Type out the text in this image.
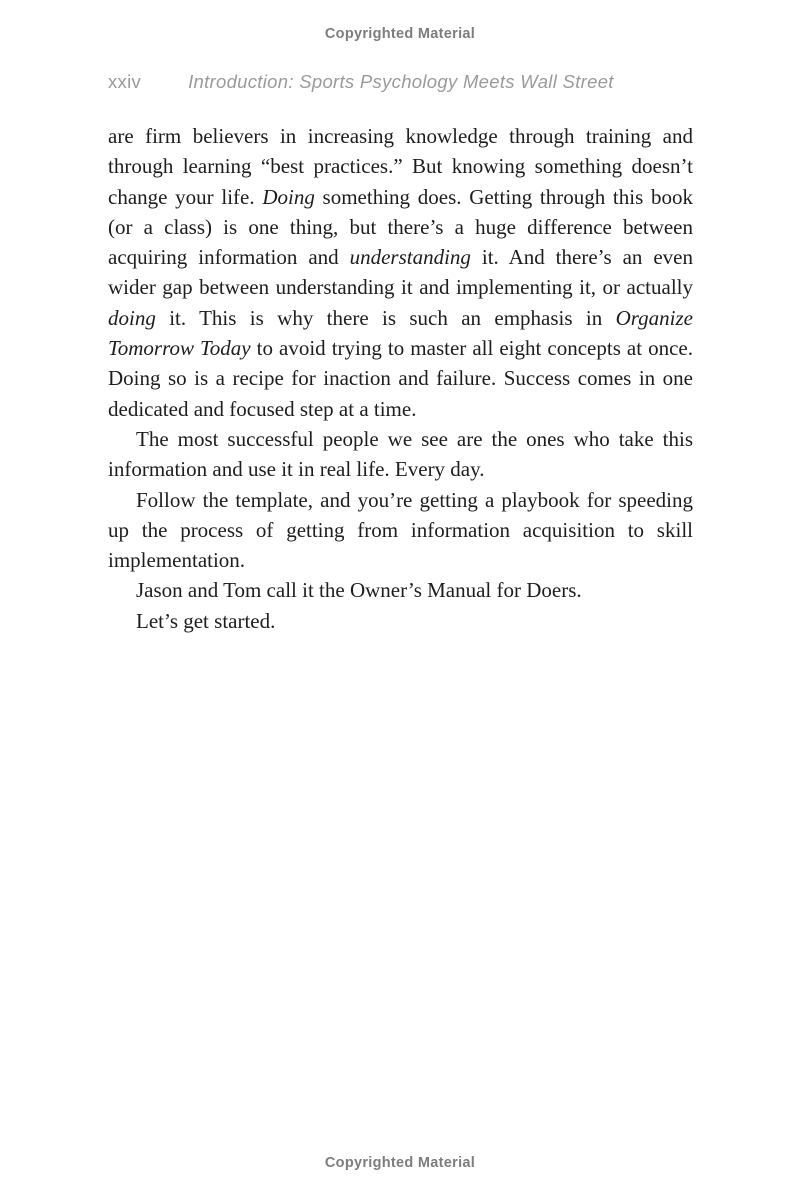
Copyrighted Material
xxiv	Introduction: Sports Psychology Meets Wall Street

are firm believers in increasing knowledge through training and through learning “best practices.” But knowing something doesn’t change your life. Doing something does. Getting through this book (or a class) is one thing, but there’s a huge difference between acquiring information and understanding it. And there’s an even wider gap between understanding it and implementing it, or actually doing it. This is why there is such an emphasis in Organize Tomorrow Today to avoid trying to master all eight concepts at once. Doing so is a recipe for inaction and failure. Success comes in one dedicated and focused step at a time.

The most successful people we see are the ones who take this information and use it in real life. Every day.

Follow the template, and you’re getting a playbook for speeding up the process of getting from information acquisition to skill implementation.

Jason and Tom call it the Owner’s Manual for Doers.

Let’s get started.

Copyrighted Material
